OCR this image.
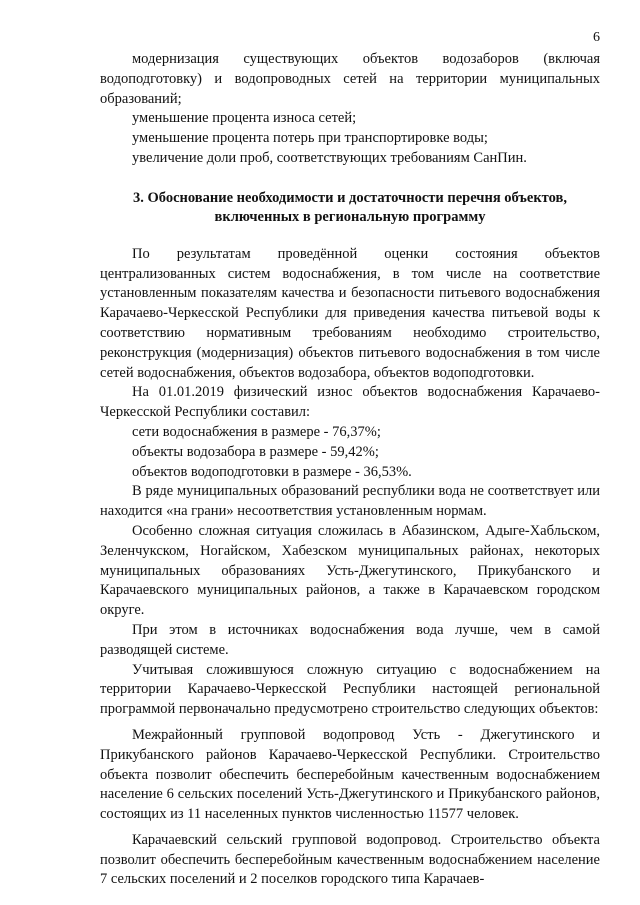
6

модернизация существующих объектов водозаборов (включая водоподготовку) и водопроводных сетей на территории муниципальных образований;

уменьшение процента износа сетей;

уменьшение процента потерь при транспортировке воды;

увеличение доли проб, соответствующих требованиям СанПин.

3. Обоснование необходимости и достаточности перечня объектов, включенных в региональную программу

По результатам проведённой оценки состояния объектов централизованных систем водоснабжения, в том числе на соответствие установленным показателям качества и безопасности питьевого водоснабжения Карачаево-Черкесской Республики для приведения качества питьевой воды к соответствию нормативным требованиям необходимо строительство, реконструкция (модернизация) объектов питьевого водоснабжения в том числе сетей водоснабжения, объектов водозабора, объектов водоподготовки.

На 01.01.2019 физический износ объектов водоснабжения Карачаево-Черкесской Республики составил:

сети водоснабжения в размере - 76,37%;

объекты водозабора в размере - 59,42%;

объектов водоподготовки в размере - 36,53%.

В ряде муниципальных образований республики вода не соответствует или находится «на грани» несоответствия установленным нормам.

Особенно сложная ситуация сложилась в Абазинском, Адыге-Хабльском, Зеленчукском, Ногайском, Хабезском муниципальных районах, некоторых муниципальных образованиях Усть-Джегутинского, Прикубанского и Карачаевского муниципальных районов, а также в Карачаевском городском округе.

При этом в источниках водоснабжения вода лучше, чем в самой разводящей системе.

Учитывая сложившуюся сложную ситуацию с водоснабжением на территории Карачаево-Черкесской Республики настоящей региональной программой первоначально предусмотрено строительство следующих объектов:

Межрайонный групповой водопровод Усть - Джегутинского и Прикубанского районов Карачаево-Черкесской Республики. Строительство объекта позволит обеспечить бесперебойным качественным водоснабжением население 6 сельских поселений Усть-Джегутинского и Прикубанского районов, состоящих из 11 населенных пунктов численностью 11577 человек.

Карачаевский сельский групповой водопровод. Строительство объекта позволит обеспечить бесперебойным качественным водоснабжением население 7 сельских поселений и 2 поселков городского типа Карачаев-
